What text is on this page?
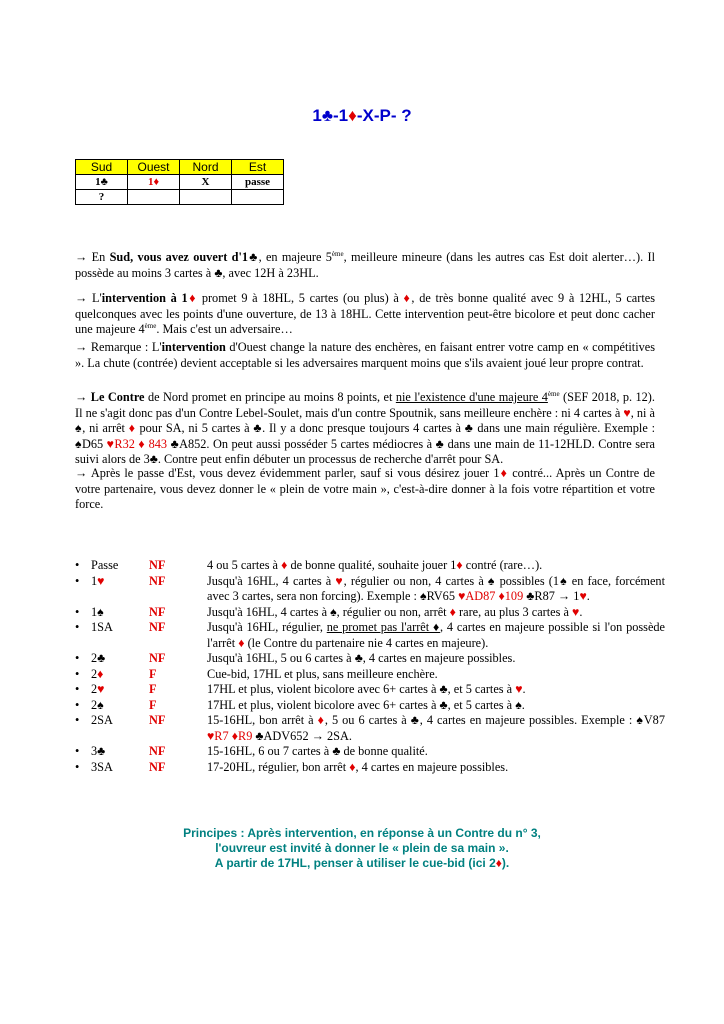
1♣-1♦-X-P- ?
Sud	Ouest	Nord	Est
1♣	1♦	X	passe
?			

→ En Sud, vous avez ouvert d'1♣, en majeure 5ème, meilleure mineure (dans les autres cas Est doit alerter…). Il possède au moins 3 cartes à ♣, avec 12H à 23HL.

→ L'intervention à 1♦ promet 9 à 18HL, 5 cartes (ou plus) à ♦, de très bonne qualité avec 9 à 12HL, 5 cartes quelconques avec les points d'une ouverture, de 13 à 18HL. Cette intervention peut-être bicolore et peut donc cacher une majeure 4ème. Mais c'est un adversaire…

→ Remarque : L'intervention d'Ouest change la nature des enchères, en faisant entrer votre camp en « compétitives ». La chute (contrée) devient acceptable si les adversaires marquent moins que s'ils avaient joué leur propre contrat.

→ Le Contre de Nord promet en principe au moins 8 points, et nie l'existence d'une majeure 4ème (SEF 2018, p. 12). Il ne s'agit donc pas d'un Contre Lebel-Soulet, mais d'un contre Spoutnik, sans meilleure enchère : ni 4 cartes à ♥, ni à ♠, ni arrêt ♦ pour SA, ni 5 cartes à ♣. Il y a donc presque toujours 4 cartes à ♣ dans une main régulière. Exemple : ♠D65 ♥R32 ♦ 843 ♣A852. On peut aussi posséder 5 cartes médiocres à ♣ dans une main de 11-12HLD. Contre sera suivi alors de 3♣. Contre peut enfin débuter un processus de recherche d'arrêt pour SA.

→ Après le passe d'Est, vous devez évidemment parler, sauf si vous désirez jouer 1♦ contré... Après un Contre de votre partenaire, vous devez donner le « plein de votre main », c'est-à-dire donner à la fois votre répartition et votre force.

• Passe	NF	4 ou 5 cartes à ♦ de bonne qualité, souhaite jouer 1♦ contré (rare…).
• 1♥	NF	Jusqu'à 16HL, 4 cartes à ♥, régulier ou non, 4 cartes à ♠ possibles (1♠ en face, forcément avec 3 cartes, sera non forcing). Exemple : ♠RV65 ♥AD87 ♦109 ♣R87 → 1♥.
• 1♠	NF	Jusqu'à 16HL, 4 cartes à ♠, régulier ou non, arrêt ♦ rare, au plus 3 cartes à ♥.
• 1SA	NF	Jusqu'à 16HL, régulier, ne promet pas l'arrêt ♦, 4 cartes en majeure possible si l'on possède l'arrêt ♦ (le Contre du partenaire nie 4 cartes en majeure).
• 2♣	NF	Jusqu'à 16HL, 5 ou 6 cartes à ♣, 4 cartes en majeure possibles.
• 2♦	F	Cue-bid, 17HL et plus, sans meilleure enchère.
• 2♥	F	17HL et plus, violent bicolore avec 6+ cartes à ♣, et 5 cartes à ♥.
• 2♠	F	17HL et plus, violent bicolore avec 6+ cartes à ♣, et 5 cartes à ♠.
• 2SA	NF	15-16HL, bon arrêt à ♦, 5 ou 6 cartes à ♣, 4 cartes en majeure possibles. Exemple : ♠V87 ♥R7 ♦R9 ♣ADV652 → 2SA.
• 3♣	NF	15-16HL, 6 ou 7 cartes à ♣ de bonne qualité.
• 3SA	NF	17-20HL, régulier, bon arrêt ♦, 4 cartes en majeure possibles.
Principes : Après intervention, en réponse à un Contre du n° 3,
l'ouvreur est invité à donner le « plein de sa main ».
A partir de 17HL, penser à utiliser le cue-bid (ici 2♦).
